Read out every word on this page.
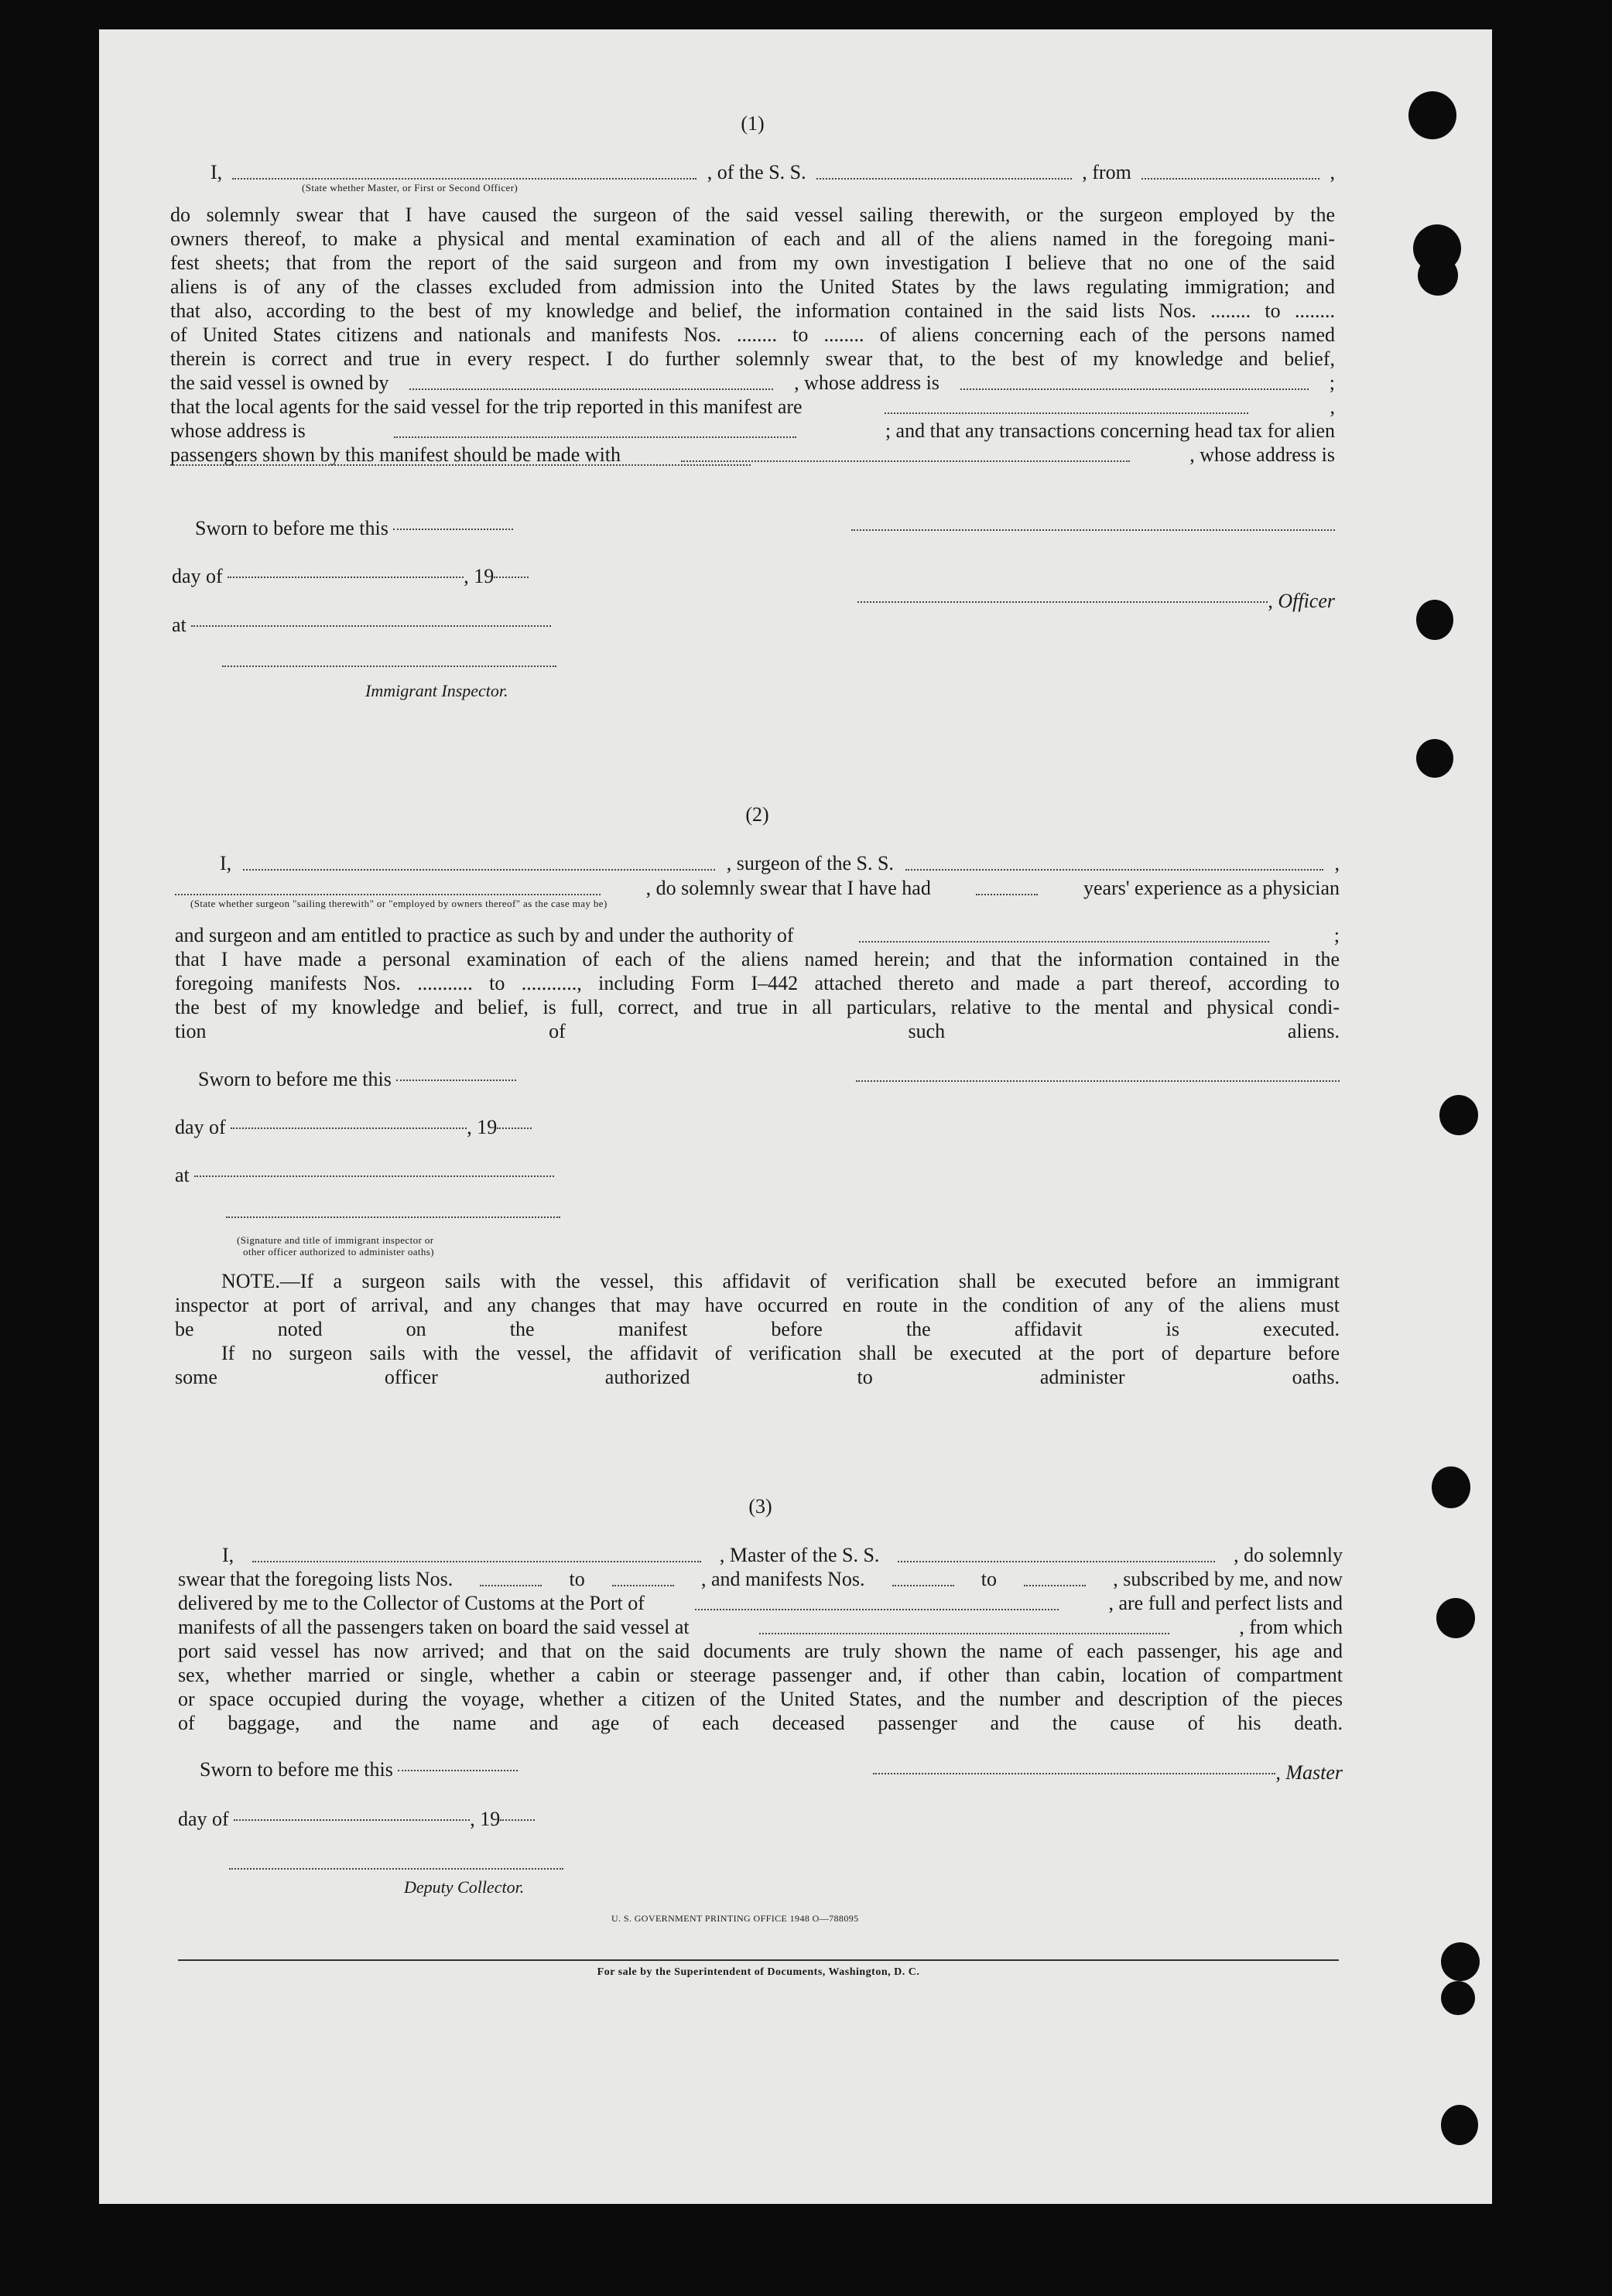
(1)
I,	, of the S. S.	, from	,
(State whether Master, or First or Second Officer)
do solemnly swear that I have caused the surgeon of the said vessel sailing therewith, or the surgeon employed by the
owners thereof, to make a physical and mental examination of each and all of the aliens named in the foregoing mani-
fest sheets; that from the report of the said surgeon and from my own investigation I believe that no one of the said
aliens is of any of the classes excluded from admission into the United States by the laws regulating immigration; and
that also, according to the best of my knowledge and belief, the information contained in the said lists Nos. ........ to ........
of United States citizens and nationals and manifests Nos. ........ to ........ of aliens concerning each of the persons named
therein is correct and true in every respect. I do further solemnly swear that, to the best of my knowledge and belief,
the said vessel is owned by	, whose address is	;
that the local agents for the said vessel for the trip reported in this manifest are	,
whose address is	; and that any transactions concerning head tax for alien
passengers shown by this manifest should be made with	, whose address is
Sworn to before me this
day of	, 19
, Officer
at
Immigrant Inspector.
(2)
I,	, surgeon of the S. S.	,
, do solemnly swear that I have had	years' experience as a physician
(State whether surgeon "sailing therewith" or "employed by owners thereof" as the case may be)
and surgeon and am entitled to practice as such by and under the authority of	;
that I have made a personal examination of each of the aliens named herein; and that the information contained in the
foregoing manifests Nos. ........... to ..........., including Form I–442 attached thereto and made a part thereof, according to
the best of my knowledge and belief, is full, correct, and true in all particulars, relative to the mental and physical condi-
tion of such aliens.
Sworn to before me this
day of	, 19
at
(Signature and title of immigrant inspector or
other officer authorized to administer oaths)
NOTE.—If a surgeon sails with the vessel, this affidavit of verification shall be executed before an immigrant
inspector at port of arrival, and any changes that may have occurred en route in the condition of any of the aliens must
be noted on the manifest before the affidavit is executed.
If no surgeon sails with the vessel, the affidavit of verification shall be executed at the port of departure before
some officer authorized to administer oaths.
(3)
I,	, Master of the S. S.	, do solemnly
swear that the foregoing lists Nos.	to	, and manifests Nos.	to	, subscribed by me, and now
delivered by me to the Collector of Customs at the Port of	, are full and perfect lists and
manifests of all the passengers taken on board the said vessel at	, from which
port said vessel has now arrived; and that on the said documents are truly shown the name of each passenger, his age and
sex, whether married or single, whether a cabin or steerage passenger and, if other than cabin, location of compartment
or space occupied during the voyage, whether a citizen of the United States, and the number and description of the pieces
of baggage, and the name and age of each deceased passenger and the cause of his death.
Sworn to before me this	, Master
day of	, 19
Deputy Collector.
U. S. GOVERNMENT PRINTING OFFICE 1948 O—788095
For sale by the Superintendent of Documents, Washington, D. C.
